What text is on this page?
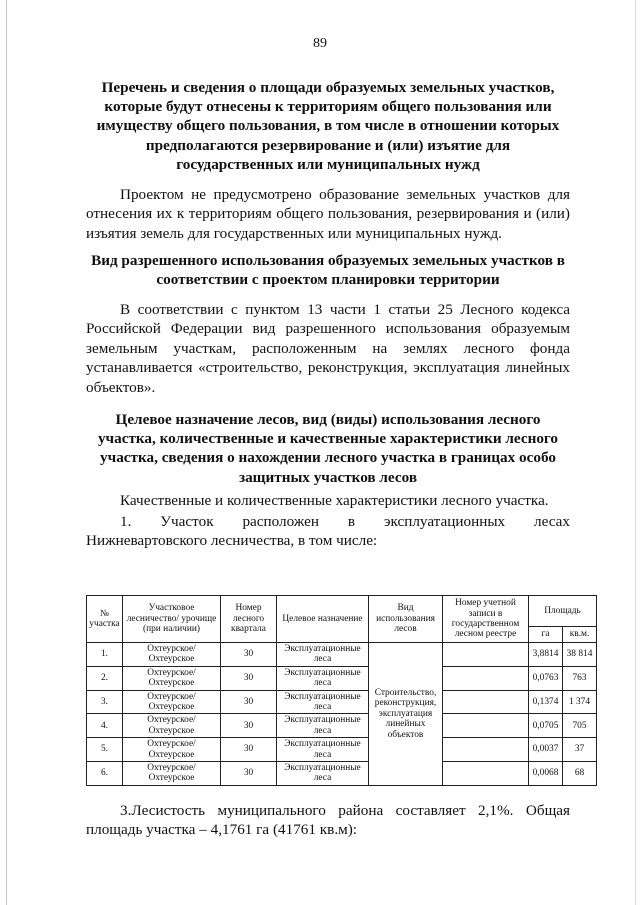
89

Перечень и сведения о площади образуемых земельных участков, которые будут отнесены к территориям общего пользования или имуществу общего пользования, в том числе в отношении которых предполагаются резервирование и (или) изъятие для государственных или муниципальных нужд

Проектом не предусмотрено образование земельных участков для отнесения их к территориям общего пользования, резервирования и (или) изъятия земель для государственных или муниципальных нужд.

Вид разрешенного использования образуемых земельных участков в соответствии с проектом планировки территории

В соответствии с пунктом 13 части 1 статьи 25 Лесного кодекса Российской Федерации вид разрешенного использования образуемым земельным участкам, расположенным на землях лесного фонда устанавливается «строительство, реконструкция, эксплуатация линейных объектов».

Целевое назначение лесов, вид (виды) использования лесного участка, количественные и качественные характеристики лесного участка, сведения о нахождении лесного участка в границах особо защитных участков лесов

Качественные и количественные характеристики лесного участка.

1.    Участок    расположен    в    эксплуатационных    лесах

Нижневартовского лесничества, в том числе:

№ участка	Участковое лесничество/ урочище (при наличии)	Номер лесного квартала	Целевое назначение	Вид использования лесов	Номер учетной записи в государственном лесном реестре	Площадь	
						га	кв.м.
1.	Охтеурское/ Охтеурское	30	Эксплуатационные леса	Строительство, реконструкция, эксплуатация линейных объектов		3,8814	38 814
2.	Охтеурское/ Охтеурское	30	Эксплуатационные леса			0,0763	763
3.	Охтеурское/ Охтеурское	30	Эксплуатационные леса			0,1374	1 374
4.	Охтеурское/ Охтеурское	30	Эксплуатационные леса			0,0705	705
5.	Охтеурское/ Охтеурское	30	Эксплуатационные леса			0,0037	37
6.	Охтеурское/ Охтеурское	30	Эксплуатационные леса			0,0068	68

3.Лесистость муниципального района составляет 2,1%. Общая площадь участка – 4,1761 га (41761 кв.м):
